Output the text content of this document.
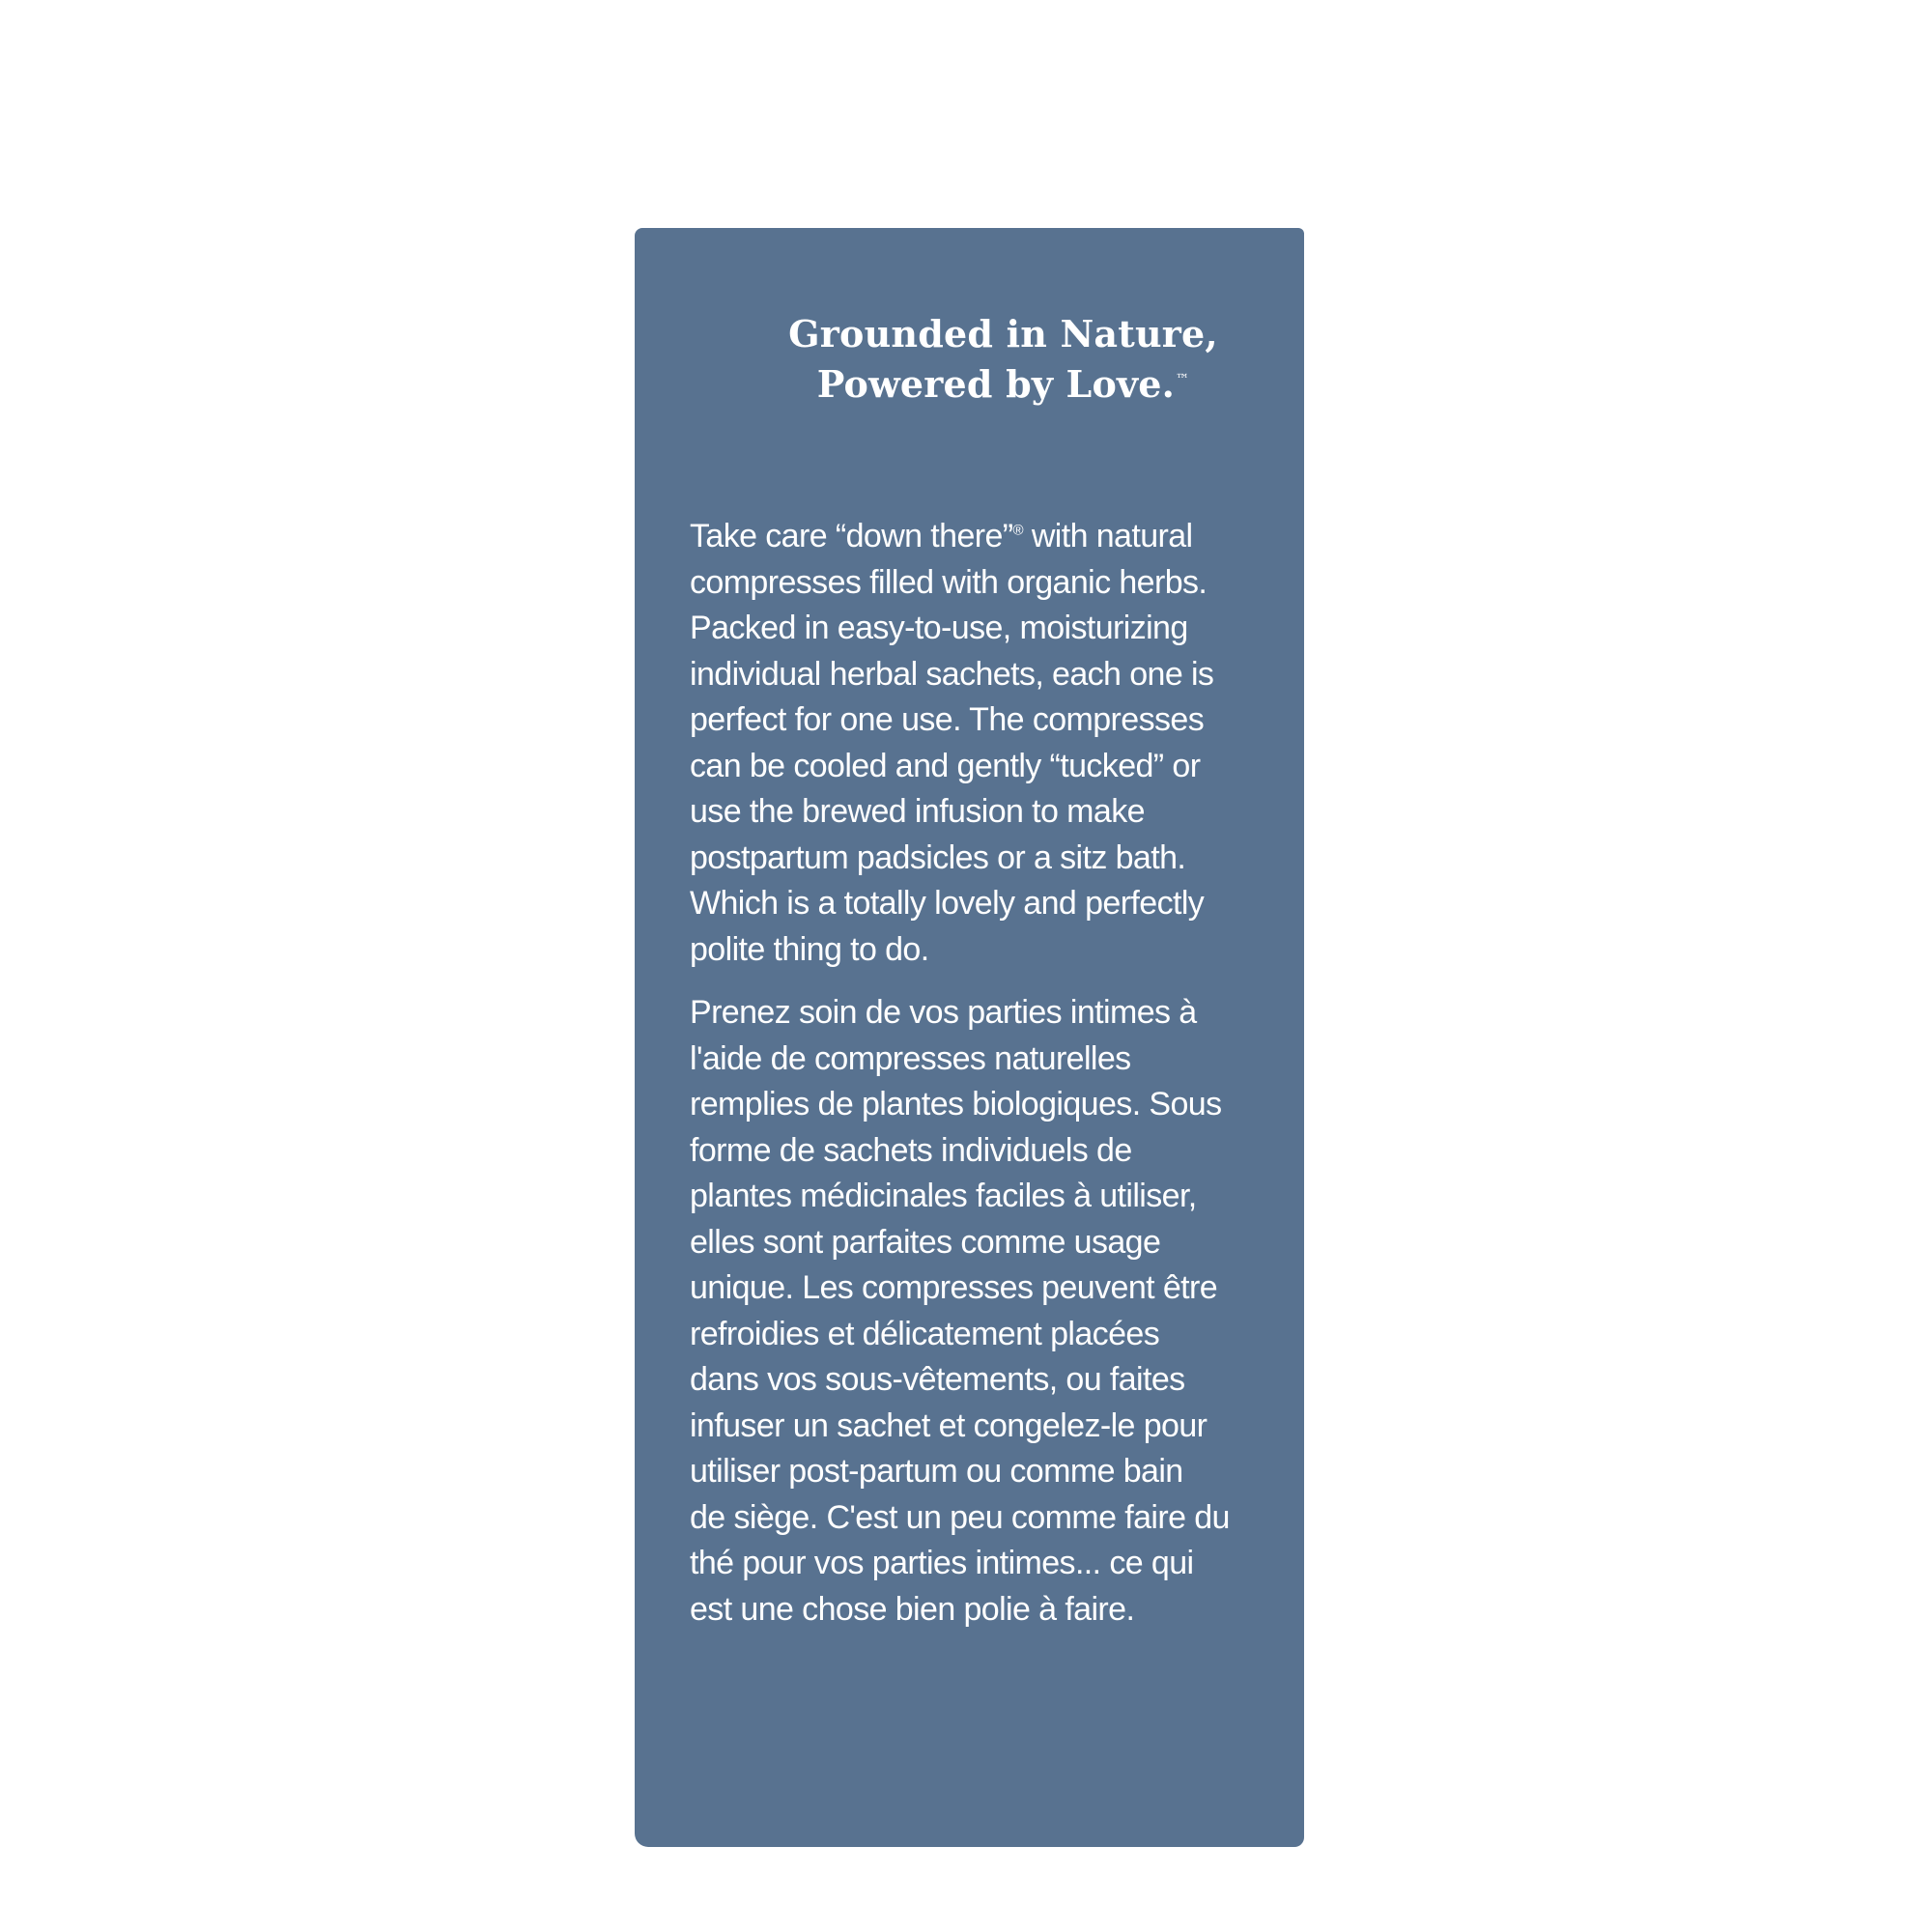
Grounded in Nature,
Powered by Love.™

Take care “down there”® with natural
compresses filled with organic herbs.
Packed in easy-to-use, moisturizing
individual herbal sachets, each one is
perfect for one use. The compresses
can be cooled and gently “tucked” or
use the brewed infusion to make
postpartum padsicles or a sitz bath.
Which is a totally lovely and perfectly
polite thing to do.

Prenez soin de vos parties intimes à
l'aide de compresses naturelles
remplies de plantes biologiques. Sous
forme de sachets individuels de
plantes médicinales faciles à utiliser,
elles sont parfaites comme usage
unique. Les compresses peuvent être
refroidies et délicatement placées
dans vos sous-vêtements, ou faites
infuser un sachet et congelez-le pour
utiliser post-partum ou comme bain
de siège. C'est un peu comme faire du
thé pour vos parties intimes... ce qui
est une chose bien polie à faire.
